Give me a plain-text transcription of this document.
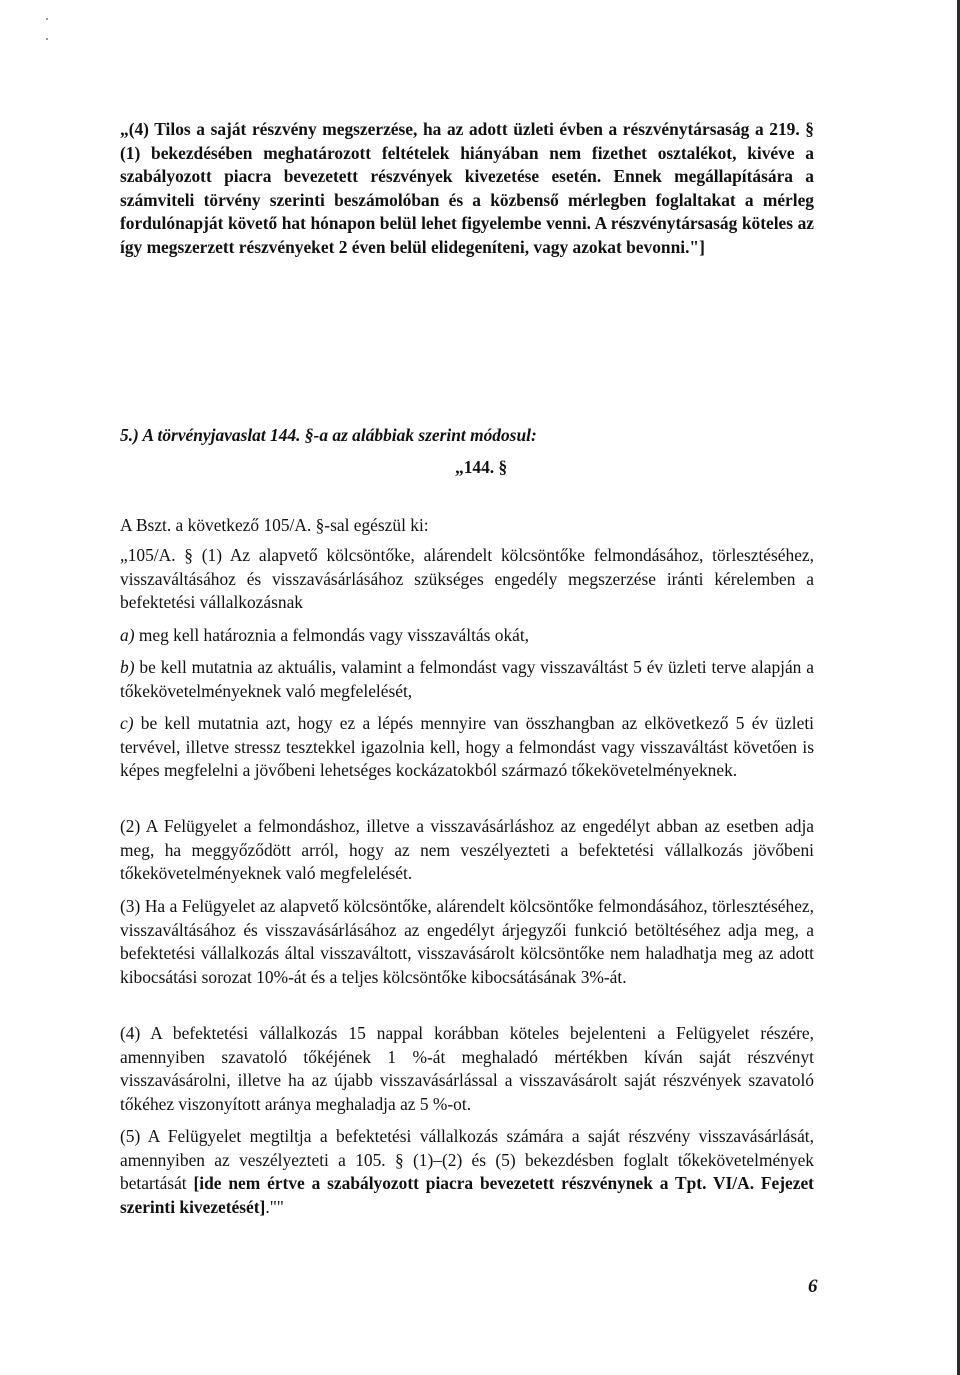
„(4) Tilos a saját részvény megszerzése, ha az adott üzleti évben a részvénytársaság a 219. § (1) bekezdésében meghatározott feltételek hiányában nem fizethet osztalékot, kivéve a szabályozott piacra bevezetett részvények kivezetése esetén. Ennek megállapítására a számviteli törvény szerinti beszámolóban és a közbenső mérlegben foglaltakat a mérleg fordulónapját követő hat hónapon belül lehet figyelembe venni. A részvénytársaság köteles az így megszerzett részvényeket 2 éven belül elidegeníteni, vagy azokat bevonni."]

5.) A törvényjavaslat 144. §-a az alábbiak szerint módosul:

„144. §

A Bszt. a következő 105/A. §-sal egészül ki:

„105/A. § (1) Az alapvető kölcsöntőke, alárendelt kölcsöntőke felmondásához, törlesztéséhez, visszaváltásához és visszavásárlásához szükséges engedély megszerzése iránti kérelemben a befektetési vállalkozásnak

a) meg kell határoznia a felmondás vagy visszaváltás okát,

b) be kell mutatnia az aktuális, valamint a felmondást vagy visszaváltást 5 év üzleti terve alapján a tőkekövetelményeknek való megfelelését,

c) be kell mutatnia azt, hogy ez a lépés mennyire van összhangban az elkövetkező 5 év üzleti tervével, illetve stressz tesztekkel igazolnia kell, hogy a felmondást vagy visszaváltást követően is képes megfelelni a jövőbeni lehetséges kockázatokból származó tőkekövetelményeknek.

(2) A Felügyelet a felmondáshoz, illetve a visszavásárláshoz az engedélyt abban az esetben adja meg, ha meggyőződött arról, hogy az nem veszélyezteti a befektetési vállalkozás jövőbeni tőkekövetelményeknek való megfelelését.

(3) Ha a Felügyelet az alapvető kölcsöntőke, alárendelt kölcsöntőke felmondásához, törlesztéséhez, visszaváltásához és visszavásárlásához az engedélyt árjegyzői funkció betöltéséhez adja meg, a befektetési vállalkozás által visszaváltott, visszavásárolt kölcsöntőke nem haladhatja meg az adott kibocsátási sorozat 10%-át és a teljes kölcsöntőke kibocsátásának 3%-át.

(4) A befektetési vállalkozás 15 nappal korábban köteles bejelenteni a Felügyelet részére, amennyiben szavatoló tőkéjének 1 %-át meghaladó mértékben kíván saját részvényt visszavásárolni, illetve ha az újabb visszavásárlással a visszavásárolt saját részvények szavatoló tőkéhez viszonyított aránya meghaladja az 5 %-ot.

(5) A Felügyelet megtiltja a befektetési vállalkozás számára a saját részvény visszavásárlását, amennyiben az veszélyezteti a 105. § (1)–(2) és (5) bekezdésben foglalt tőkekövetelmények betartását [ide nem értve a szabályozott piacra bevezetett részvénynek a Tpt. VI/A. Fejezet szerinti kivezetését].""

6
